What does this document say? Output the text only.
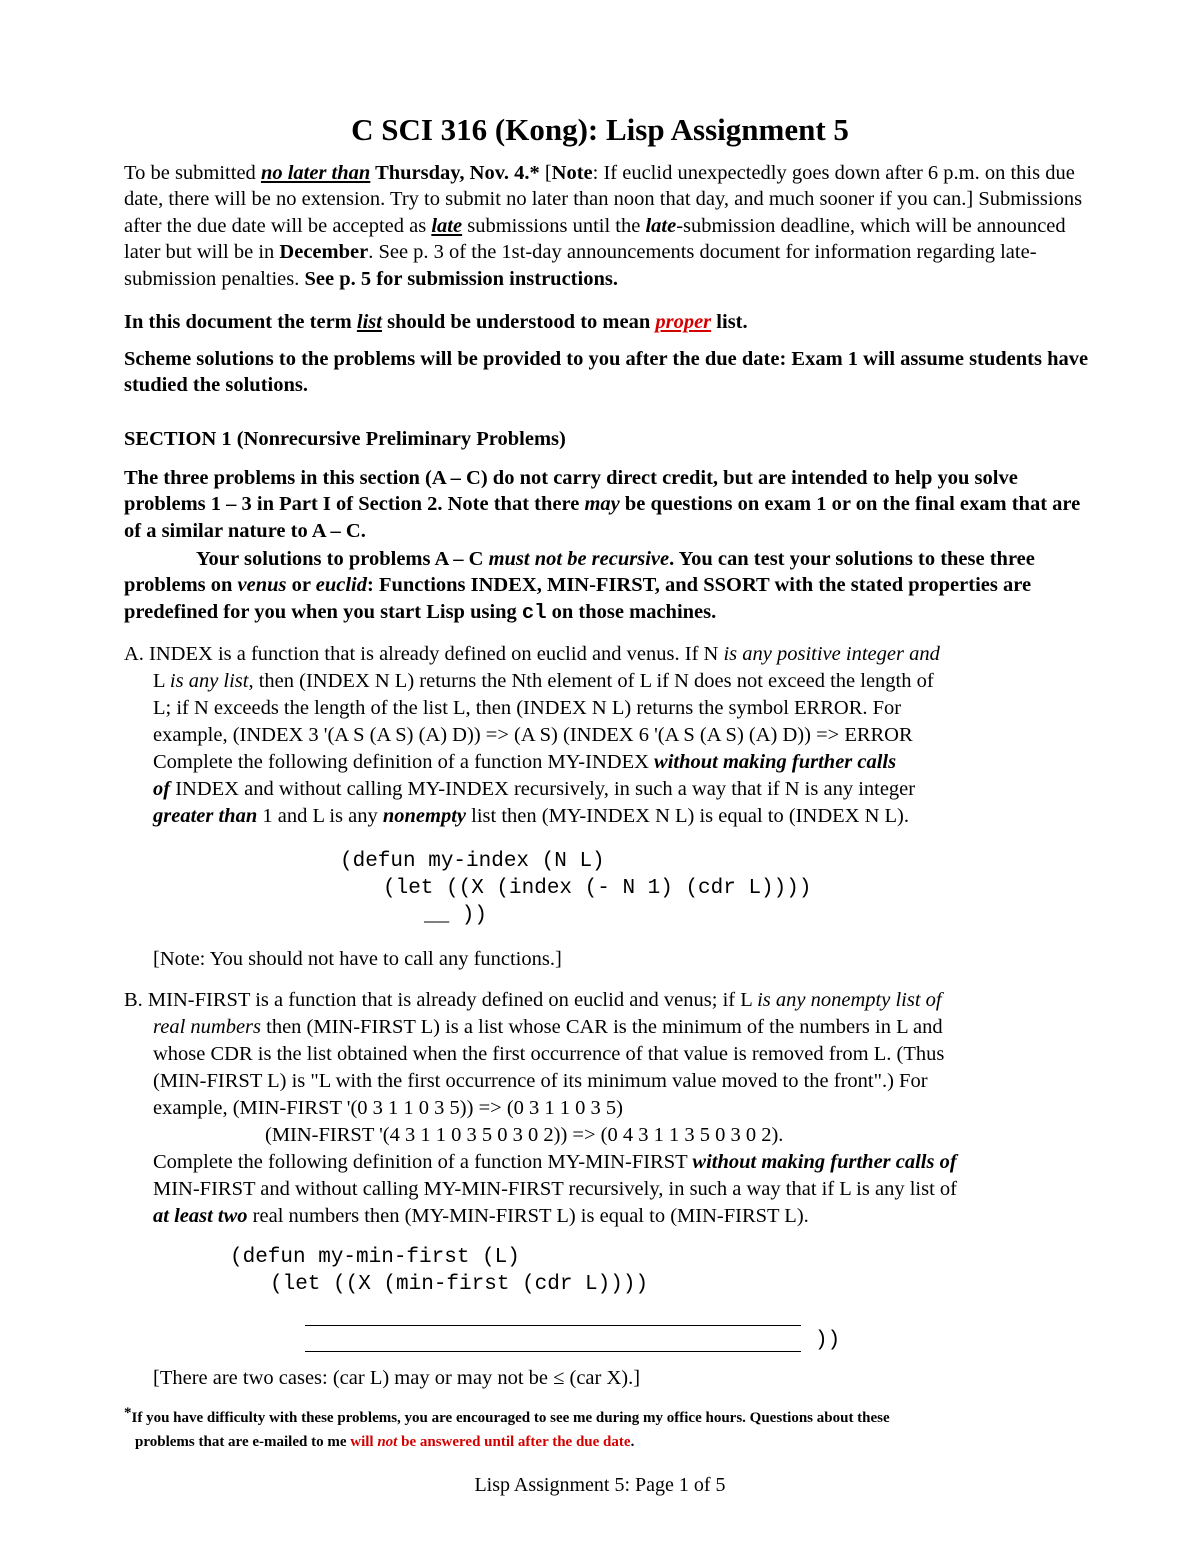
C SCI 316 (Kong): Lisp Assignment 5
To be submitted no later than Thursday, Nov. 4.* [Note: If euclid unexpectedly goes down after 6 p.m. on this due date, there will be no extension. Try to submit no later than noon that day, and much sooner if you can.] Submissions after the due date will be accepted as late submissions until the late-submission deadline, which will be announced later but will be in December. See p. 3 of the 1st-day announcements document for information regarding late-submission penalties. See p. 5 for submission instructions.
In this document the term list should be understood to mean proper list.
Scheme solutions to the problems will be provided to you after the due date: Exam 1 will assume students have studied the solutions.
SECTION 1 (Nonrecursive Preliminary Problems)
The three problems in this section (A – C) do not carry direct credit, but are intended to help you solve problems 1 – 3 in Part I of Section 2. Note that there may be questions on exam 1 or on the final exam that are of a similar nature to A – C.
Your solutions to problems A – C must not be recursive. You can test your solutions to these three problems on venus or euclid: Functions INDEX, MIN-FIRST, and SSORT with the stated properties are predefined for you when you start Lisp using cl on those machines.
A. INDEX is a function that is already defined on euclid and venus. If N is any positive integer and
L is any list, then (INDEX N L) returns the Nth element of L if N does not exceed the length of
L; if N exceeds the length of the list L, then (INDEX N L) returns the symbol ERROR. For
example, (INDEX 3 '(A S (A S) (A) D)) => (A S) (INDEX 6 '(A S (A S) (A) D)) => ERROR
Complete the following definition of a function MY-INDEX without making further calls
of INDEX and without calling MY-INDEX recursively, in such a way that if N is any integer
greater than 1 and L is any nonempty list then (MY-INDEX N L) is equal to (INDEX N L).
(defun my-index (N L)
(let ((X (index (- N 1) (cdr L))))
__ ))
[Note: You should not have to call any functions.]
B. MIN-FIRST is a function that is already defined on euclid and venus; if L is any nonempty list of
real numbers then (MIN-FIRST L) is a list whose CAR is the minimum of the numbers in L and
whose CDR is the list obtained when the first occurrence of that value is removed from L. (Thus
(MIN-FIRST L) is "L with the first occurrence of its minimum value moved to the front".) For
example, (MIN-FIRST '(0 3 1 1 0 3 5)) => (0 3 1 1 0 3 5)
(MIN-FIRST '(4 3 1 1 0 3 5 0 3 0 2)) => (0 4 3 1 1 3 5 0 3 0 2).
Complete the following definition of a function MY-MIN-FIRST without making further calls of
MIN-FIRST and without calling MY-MIN-FIRST recursively, in such a way that if L is any list of
at least two real numbers then (MY-MIN-FIRST L) is equal to (MIN-FIRST L).
(defun my-min-first (L)
(let ((X (min-first (cdr L))))
))
[There are two cases: (car L) may or may not be ≤ (car X).]
*If you have difficulty with these problems, you are encouraged to see me during my office hours. Questions about these
problems that are e-mailed to me will not be answered until after the due date.
Lisp Assignment 5: Page 1 of 5
